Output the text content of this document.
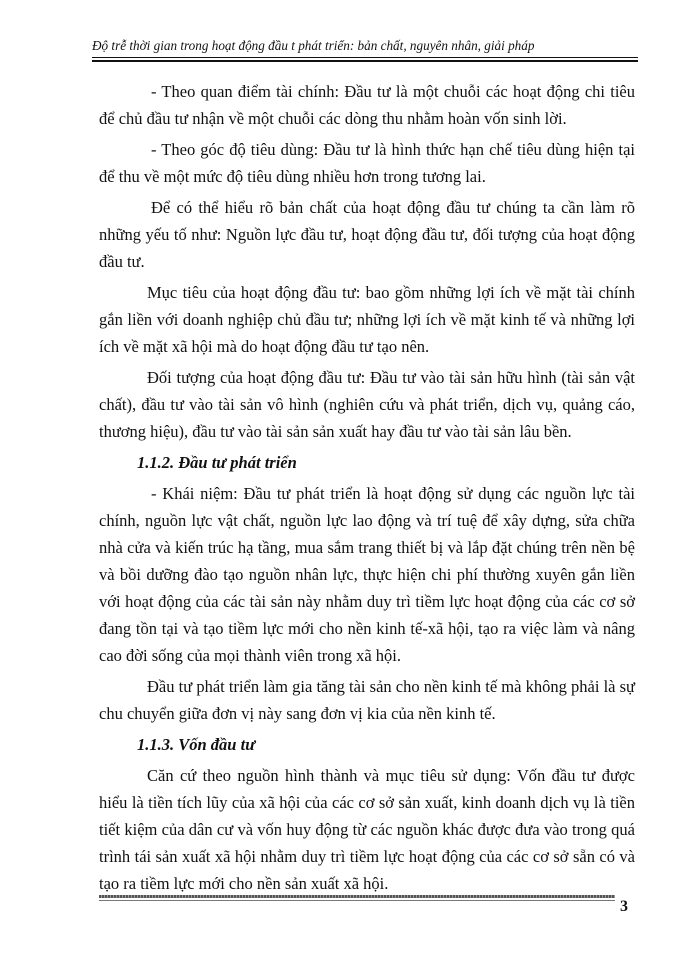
Độ trễ thời gian trong hoạt động đầu t phát triển: bản chất, nguyên nhân, giải pháp

- Theo quan điểm tài chính: Đầu tư là một chuỗi các hoạt động chi tiêu để chủ đầu tư nhận về một chuỗi các dòng thu nhằm hoàn vốn sinh lời.

- Theo góc độ tiêu dùng: Đầu tư là hình thức hạn chế tiêu dùng hiện tại để thu về một mức độ tiêu dùng nhiều hơn trong tương lai.

Để có thể hiểu rõ bản chất của hoạt động đầu tư chúng ta cần làm rõ những yếu tố như: Nguồn lực đầu tư, hoạt động đầu tư, đối tượng của hoạt động đầu tư.

Mục tiêu của hoạt động đầu tư: bao gồm những lợi ích về mặt tài chính gắn liền với doanh nghiệp chủ đầu tư; những lợi ích về mặt kinh tế và những lợi ích về mặt xã hội mà do hoạt động đầu tư tạo nên.

Đối tượng của hoạt động đầu tư: Đầu tư vào tài sản hữu hình (tài sản vật chất), đầu tư vào tài sản vô hình (nghiên cứu và phát triển, dịch vụ, quảng cáo, thương hiệu), đầu tư vào tài sản sản xuất hay đầu tư vào tài sản lâu bền.

1.1.2. Đầu tư phát triển

- Khái niệm: Đầu tư phát triển là hoạt động sử dụng các nguồn lực tài chính, nguồn lực vật chất, nguồn lực lao động và trí tuệ để xây dựng, sửa chữa nhà cửa và kiến trúc hạ tầng, mua sắm trang thiết bị và lắp đặt chúng trên nền bệ và bồi dưỡng đào tạo nguồn nhân lực, thực hiện chi phí thường xuyên gắn liền với hoạt động của các tài sản này nhằm duy trì tiềm lực hoạt động của các cơ sở đang tồn tại và tạo tiềm lực mới cho nền kinh tế-xã hội, tạo ra việc làm và nâng cao đời sống của mọi thành viên trong xã hội.

Đầu tư phát triển làm gia tăng tài sản cho nền kinh tế mà không phải là sự chu chuyển giữa đơn vị này sang đơn vị kia của nền kinh tế.

1.1.3. Vốn đầu tư

Căn cứ theo nguồn hình thành và mục tiêu sử dụng: Vốn đầu tư được hiểu là tiền tích lũy của xã hội của các cơ sở sản xuất, kinh doanh dịch vụ là tiền tiết kiệm của dân cư và vốn huy động từ các nguồn khác được đưa vào trong quá trình tái sản xuất xã hội nhằm duy trì tiềm lực hoạt động của các cơ sở sẵn có và tạo ra tiềm lực mới cho nền sản xuất xã hội.

3
